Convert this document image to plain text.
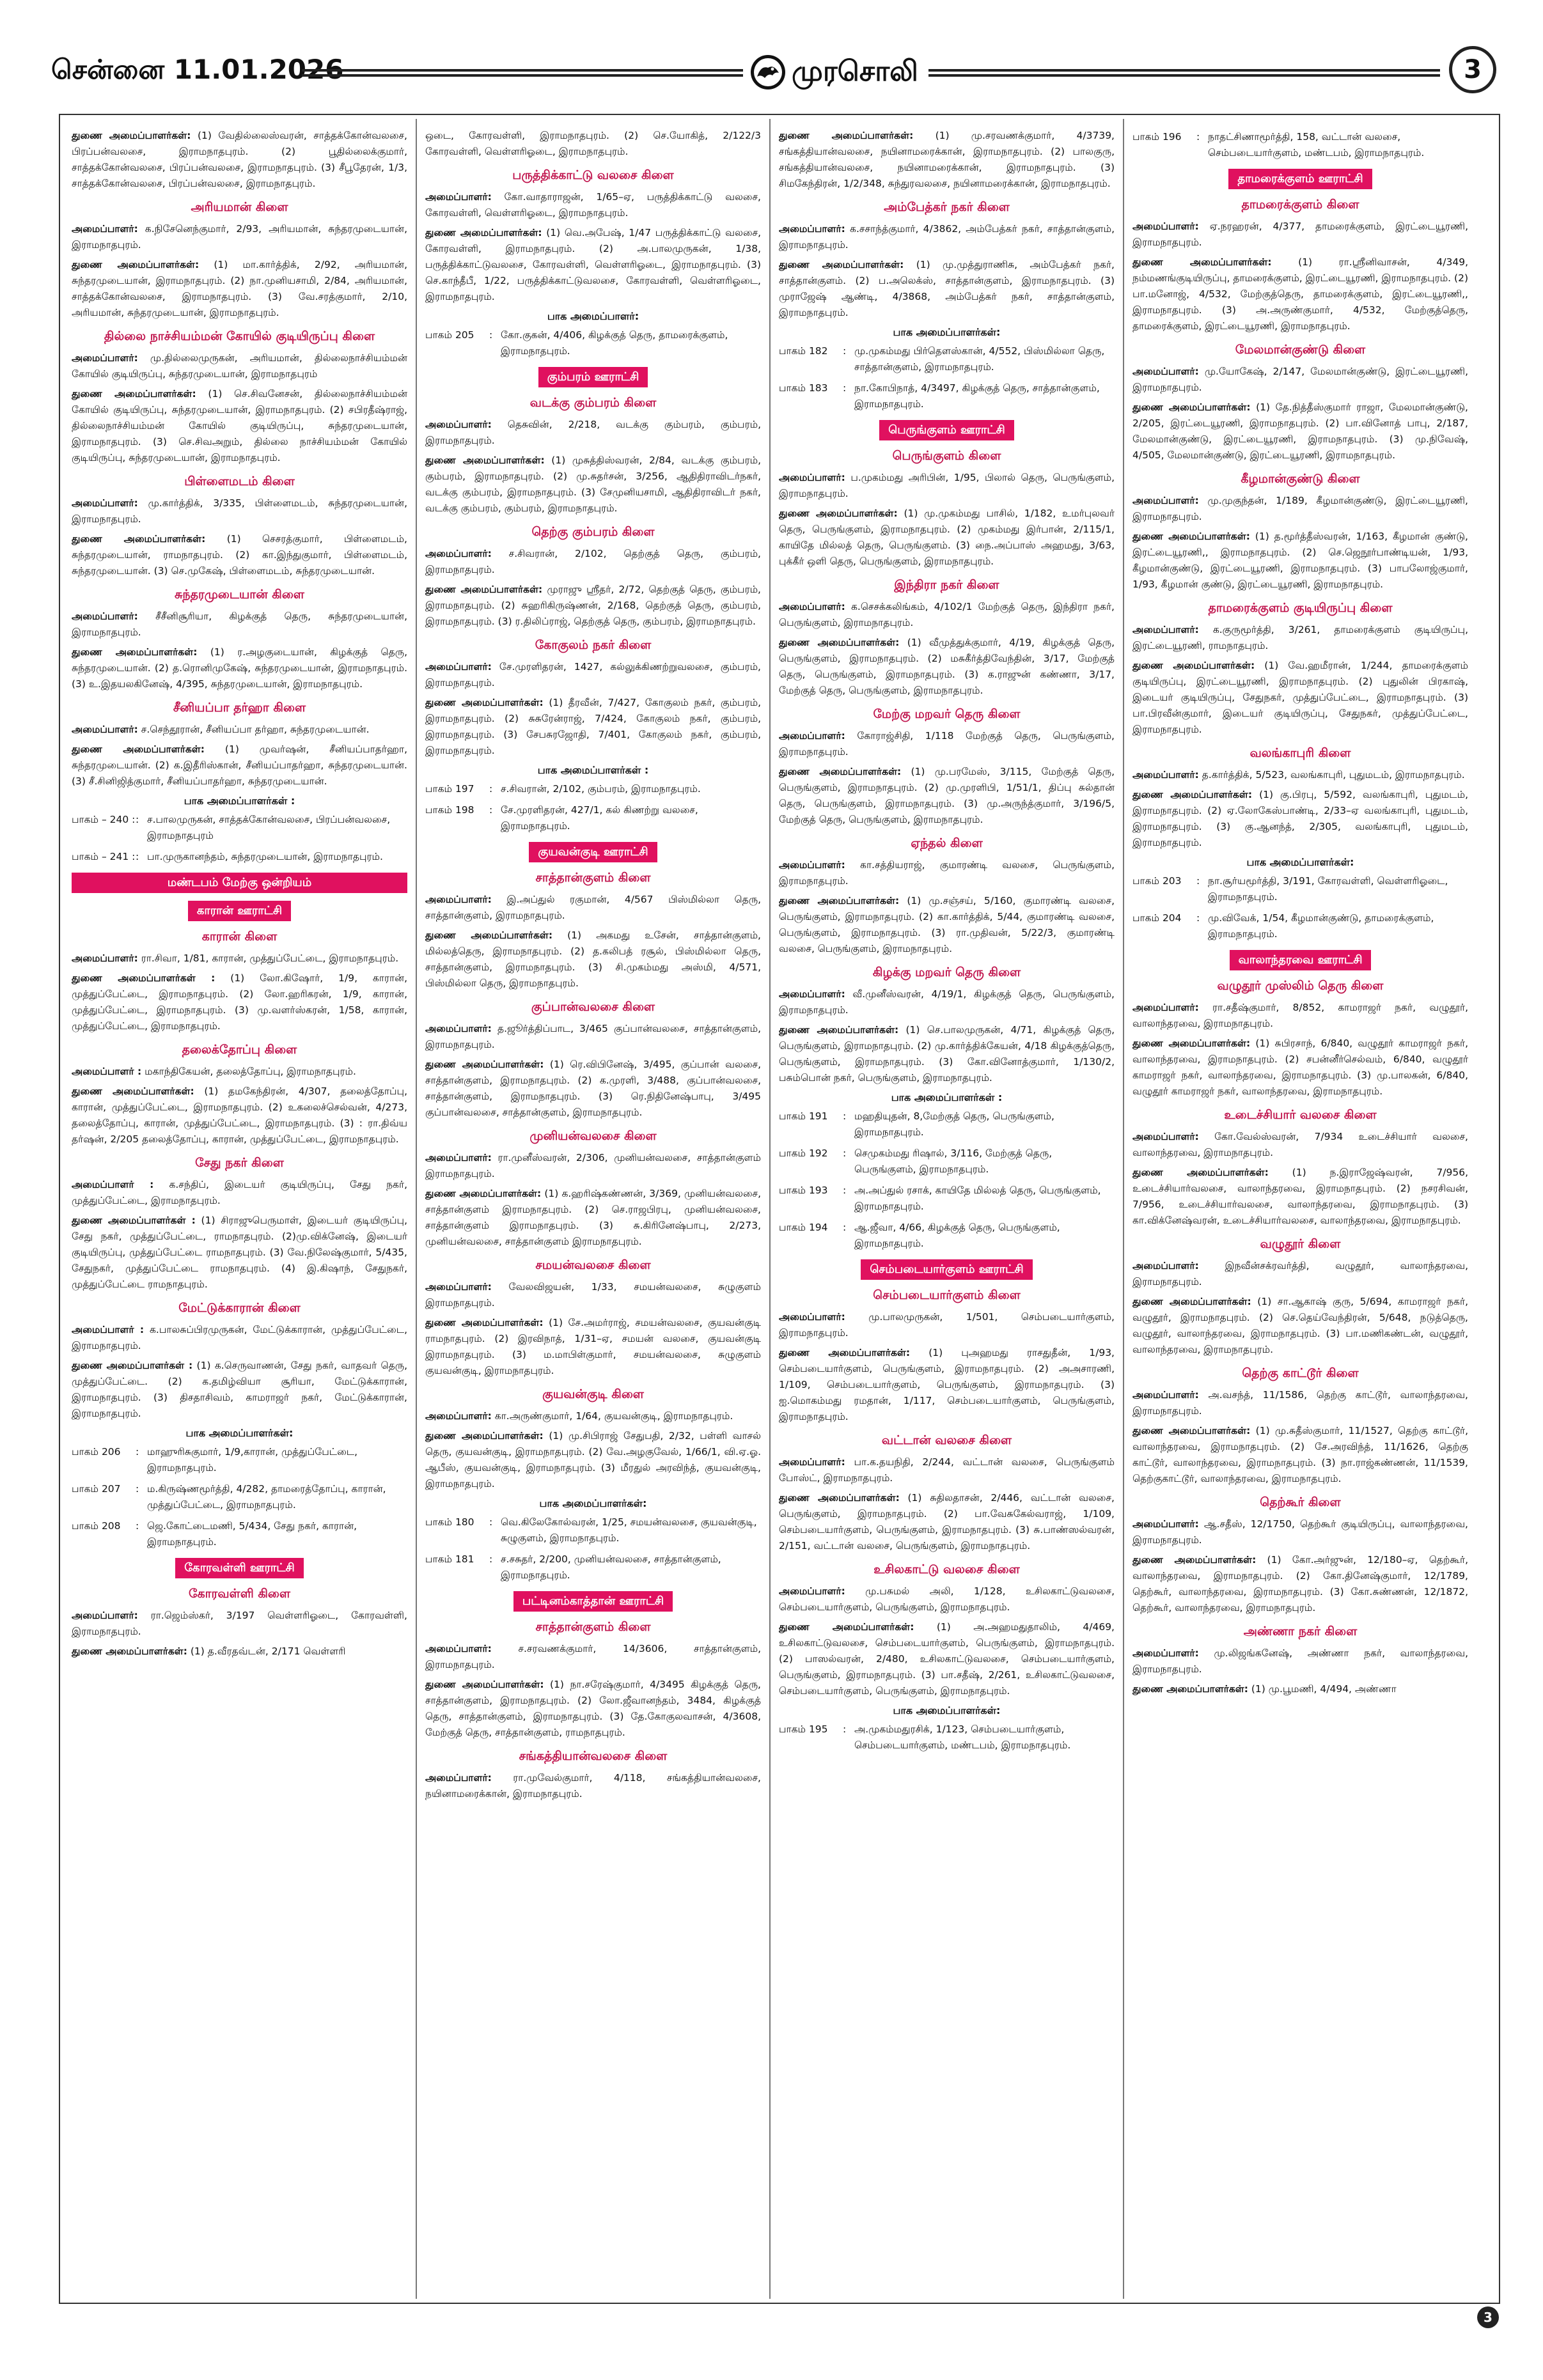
சென்னை 11.01.2026	முரசொலி	3

துணை அமைப்பாளர்கள்: (1) வேதில்லைஸ்வரன், சாத்தக்கோன்வலசை, பிரப்பன்வலசை, இராமநாதபுரம். (2) பூதில்லைக்குமார், சாத்தக்கோன்வலசை, பிரப்பன்வலசை, இராமநாதபுரம். (3) சீபூதேரன், 1/3, சாத்தக்கோன்வலசை, பிரப்பன்வலசை, இராமநாதபுரம்.

அரியமான் கிளை

அமைப்பாளர்: க.நிசேனெந்குமார், 2/93, அரியமான், சுந்தரமுடையான், இராமநாதபுரம்.

துணை அமைப்பாளர்கள்: (1) மா.கார்த்திக், 2/92, அரியமான், சுந்தரமுடையான், இராமநாதபுரம். (2) நா.முனியசாமி, 2/84, அரியமான், சாத்தக்கோன்வலசை, இராமநாதபுரம். (3) வே.சரத்குமார், 2/10, அரியமான், சுந்தரமுடையான், இராமநாதபுரம்.

தில்லை நாச்சியம்மன் கோயில் குடியிருப்பு கிளை

அமைப்பாளர்: மு.தில்லைமுருகன், அரியமான், தில்லைநாச்சியம்மன் கோயில் குடியிருப்பு, சுந்தரமுடையான், இராமநாதபுரம்

துணை அமைப்பாளர்கள்: (1) செ.சிவனேசன், தில்லைநாச்சியம்மன் கோயில் குடியிருப்பு, சுந்தரமுடையான், இராமநாதபுரம். (2) சபிரதீஷ்ராஜ், தில்லைநாச்சியம்மன் கோயில் குடியிருப்பு, சுந்தரமுடையான், இராமநாதபுரம். (3) செ.சிவஅறும், தில்லை நாச்சியம்மன் கோயில் குடியிருப்பு, சுந்தரமுடையான், இராமநாதபுரம்.

பிள்ளைமடம் கிளை

அமைப்பாளர்: மு.கார்த்திக், 3/335, பிள்ளைமடம், சுந்தரமுடையான், இராமநாதபுரம்.

துணை அமைப்பாளர்கள்: (1) செசரத்குமார், பிள்ளைமடம், சுந்தரமுடையான், ராமநாதபுரம். (2) கா.இந்துகுமார், பிள்ளைமடம், சுந்தரமுடையான். (3) செ.முகேஷ், பிள்ளைமடம், சுந்தரமுடையான்.

சுந்தரமுடையான் கிளை

அமைப்பாளர்: சீசீனிசூரியா, கிழக்குத் தெரு, சுந்தரமுடையான், இராமநாதபுரம்.

துணை அமைப்பாளர்கள்: (1) ர.அழகுடையான், கிழக்குத் தெரு, சுந்தரமுடையான். (2) த.ரொனிமுகேஷ், சுந்தரமுடையான், இராமநாதபுரம். (3) உ.இதயலகினேஷ், 4/395, சுந்தரமுடையான், இராமநாதபுரம்.

சீனியப்பா தர்ஹா கிளை

அமைப்பாளர்: ச.செந்தூரான், சீனியப்பா தர்ஹா, சுந்தரமுடையான்.

துணை அமைப்பாளர்கள்: (1) முவர்ஷன், சீனியப்பாதர்ஹா, சுந்தரமுடையான். (2) க.இதீரிஸ்கான், சீனியப்பாதர்ஹா, சுந்தரமுடையான். (3) சீ.சினிஜித்குமார், சீனியப்பாதர்ஹா, சுந்தரமுடையான்.

பாக அமைப்பாளர்கள் :
பாகம் – 240 :	:	ச.பாலமுருகன், சாத்தக்கோன்வலசை, பிரப்பன்வலசை, இராமநாதபுரம்
பாகம் – 241 :	:	பா.முருகானந்தம், சுந்தரமுடையான், இராமநாதபுரம்.
மண்டபம் மேற்கு ஒன்றியம்
காரான் ஊராட்சி
காரான் கிளை

அமைப்பாளர்: ரா.சிவா, 1/81, காரான், முத்துப்பேட்டை, இராமநாதபுரம்.

துணை அமைப்பாளர்கள் : (1) லோ.கிஷோர், 1/9, காரான், முத்துப்பேட்டை, இராமநாதபுரம். (2) லோ.ஹரிகரன், 1/9, காரான், முத்துப்பேட்டை, இராமநாதபுரம். (3) மு.வளர்ஸ்கரன், 1/58, காரான், முத்துப்பேட்டை, இராமநாதபுரம்.

தலைக்தோப்பு கிளை

அமைப்பாளர் : மகாந்திகேயன், தலைத்தோப்பு, இராமநாதபுரம்.

துணை அமைப்பாளர்கள்: (1) தமகேந்திரன், 4/307, தலைத்தோப்பு, காரான், முத்துப்பேட்டை, இராமநாதபுரம். (2) உகலைச்செல்வன், 4/273, தலைத்தோப்பு, காரான், முத்துப்பேட்டை, இராமநாதபுரம். (3) : ரா.திவ்ய தர்ஷன், 2/205 தலைத்தோப்பு, காரான், முத்துப்பேட்டை, இராமநாதபுரம்.

சேது நகர் கிளை

அமைப்பாளர் : க.சந்திப், இடையர் குடியிருப்பு, சேது நகர், முத்துப்பேட்டை, இராமநாதபுரம்.

துணை அமைப்பாளர்கள் : (1) சிராஜுபெருமாள், இடையர் குடியிருப்பு, சேது நகர், முத்துப்பேட்டை, ராமநாதபுரம். (2)மு.விக்னேஷ், இடையர் குடியிருப்பு, முத்துப்பேட்டை ராமநாதபுரம். (3) வே.நிலேஷ்குமார், 5/435, சேதுநகர், முத்துப்பேட்டை ராமநாதபுரம். (4) இ.கிஷாந், சேதுநகர், முத்துப்பேட்டை ராமநாதபுரம்.

மேட்டுக்காரான் கிளை

அமைப்பாளர் : க.பாலசுப்பிரமுருகன், மேட்டுக்காரான், முத்துப்பேட்டை, இராமநாதபுரம்.

துணை அமைப்பாளர்கள் : (1) க.செருவாணன், சேது நகர், வாதவர் தெரு, முத்துப்பேட்டை. (2) க.தமிழ்வியா சூரியா, மேட்டுக்காரான், இராமநாதபுரம். (3) திசதாசிவம், காமராஜர் நகர், மேட்டுக்காரான், இராமநாதபுரம்.

பாக அமைப்பாளர்கள்:
பாகம் 206	:	மாஹுரிசுகுமார், 1/9,காரான், முத்துப்பேட்டை, இராமநாதபுரம்.
பாகம் 207	:	ம.கிருஷ்ணமூர்த்தி, 4/282, தாமரைத்தோப்பு, காரான், முத்துப்பேட்டை, இராமநாதபுரம்.
பாகம் 208	:	ஜெ.கோட்டைமணி, 5/434, சேது நகர், காரான், இராமநாதபுரம்.
கோரவள்ளி ஊராட்சி
கோரவள்ளி கிளை

அமைப்பாளர்: ரா.ஜெம்ஸ்கர், 3/197 வெள்ளரிஓடை, கோரவள்ளி, இராமநாதபுரம்.

துணை அமைப்பாளர்கள்: (1) த.வீரதவ்டன், 2/171 வெள்ளரி

ஒடை, கோரவள்ளி, இராமநாதபுரம். (2) செ.யோகித், 2/122/3 கோரவள்ளி, வெள்ளரிஓடை, இராமநாதபுரம்.

பருத்திக்காட்டு வலசை கிளை

அமைப்பாளர்: கோ.வாதாராஜன், 1/65–ஏ, பருத்திக்காட்டு வலசை, கோரவள்ளி, வெள்ளரிஓடை, இராமநாதபுரம்.

துணை அமைப்பாளர்கள்: (1) வெ.அபேஷ், 1/47 பருத்திக்காட்டு வலசை, கோரவள்ளி, இராமநாதபுரம். (2) அ.பாலமுருகன், 1/38, பருத்திக்காட்டுவலசை, கோரவள்ளி, வெள்ளரிஓடை, இராமநாதபுரம். (3) செ.காந்தீபீ, 1/22, பருத்திக்காட்டுவலசை, கோரவள்ளி, வெள்ளரிஓடை, இராமநாதபுரம்.

பாக அமைப்பாளர்:
பாகம் 205	:	கோ.குகன், 4/406, கிழக்குத் தெரு, தாமரைக்குளம், இராமநாதபுரம்.
கும்பரம் ஊராட்சி
வடக்கு கும்பரம் கிளை

அமைப்பாளர்: தெசுவின், 2/218, வடக்கு கும்பரம், கும்பரம், இராமநாதபுரம்.

துணை அமைப்பாளர்கள்: (1) முசுத்திஸ்வரன், 2/84, வடக்கு கும்பரம், கும்பரம், இராமநாதபுரம். (2) மு.சுதர்சன், 3/256, ஆதிதிராவிடர்நகர், வடக்கு கும்பரம், இராமநாதபுரம். (3) சேமுனியசாமி, ஆதிதிராவிடர் நகர், வடக்கு கும்பரம், கும்பரம், இராமநாதபுரம்.

தெற்கு கும்பரம் கிளை

அமைப்பாளர்: ச.சிவரான், 2/102, தெற்குத் தெரு, கும்பரம், இராமநாதபுரம்.

துணை அமைப்பாளர்கள்: முராஜு ஸ்ரீதர், 2/72, தெற்குத் தெரு, கும்பரம், இராமநாதபுரம். (2) சுஹரிகிருஷ்ணன், 2/168, தெற்குத் தெரு, கும்பரம், இராமநாதபுரம். (3) ர.திலிப்ராஜ், தெற்குத் தெரு, கும்பரம், இராமநாதபுரம்.

கோகுலம் நகர் கிளை

அமைப்பாளர்: சே.முரளிதரன், 1427, கல்லுக்கிணற்றுவலசை, கும்பரம், இராமநாதபுரம்.

துணை அமைப்பாளர்கள்: (1) தீரவீன், 7/427, கோகுலம் நகர், கும்பரம், இராமநாதபுரம். (2) சுசுரேன்ராஜ், 7/424, கோகுலம் நகர், கும்பரம், இராமநாதபுரம். (3) சேபசுரஜோதி, 7/401, கோகுலம் நகர், கும்பரம், இராமநாதபுரம்.

பாக அமைப்பாளர்கள் :
பாகம் 197	:	ச.சிவரான், 2/102, கும்பரம், இராமநாதபுரம்.
பாகம் 198	:	சே.முரளிதரன், 427/1, கல் கிணற்று வலசை, இராமநாதபுரம்.
குயவன்குடி ஊராட்சி
சாத்தான்குளம் கிளை

அமைப்பாளர்: இ.அப்துல் ரகுமான், 4/567 பிஸ்மில்லா தெரு, சாத்தான்குளம், இராமநாதபுரம்.

துணை அமைப்பாளர்கள்: (1) அகமது உசேன், சாத்தான்குளம், மில்லத்தெரு, இராமநாதபுரம். (2) த.கலிபத் ரசூல், பிஸ்மில்லா தெரு, சாத்தான்குளம், இராமநாதபுரம். (3) சி.முகம்மது அஸ்மி, 4/571, பிஸ்மில்லா தெரு, இராமநாதபுரம்.

குப்பான்வலசை கிளை

அமைப்பாளர்: த.ஜூர்த்திப்பாட, 3/465 குப்பான்வலசை, சாத்தான்குளம், இராமநாதபுரம்.

துணை அமைப்பாளர்கள்: (1) ரெ.விபினேஷ், 3/495, குப்பான் வலசை, சாத்தான்குளம், இராமநாதபுரம். (2) க.முரளி, 3/488, குப்பான்வலசை, சாத்தான்குளம், இராமநாதபுரம். (3) ரெ.நிதினேஷ்பாபு, 3/495 குப்பான்வலசை, சாத்தான்குளம், இராமநாதபுரம்.

முனியன்வலசை கிளை

அமைப்பாளர்: ரா.முனீஸ்வரன், 2/306, முனியன்வலசை, சாத்தான்குளம் இராமநாதபுரம்.

துணை அமைப்பாளர்கள்: (1) க.ஹரிஷ்கண்ணன், 3/369, முனியன்வலசை, சாத்தான்குளம் இராமநாதபுரம். (2) செ.ராஜபிரபு, முனியன்வலசை, சாத்தான்குளம் இராமநாதபுரம். (3) சு.கிரினேஷ்பாபு, 2/273, முனியன்வலசை, சாத்தான்குளம் இராமநாதபுரம்.

சமயன்வலசை கிளை

அமைப்பாளர்: வேலவிஜயன், 1/33, சமயன்வலசை, சுழுகுளம் இராமநாதபுரம்.

துணை அமைப்பாளர்கள்: (1) சே.அமர்ராஜ், சமயன்வலசை, குயவன்குடி ராமநாதபுரம். (2) இரவிநாத், 1/31–ஏ, சமயன் வலசை, குயவன்குடி இராமநாதபுரம். (3) ம.மாபிள்குமார், சமயன்வலசை, சுழுகுளம் குயவன்குடி, இராமநாதபுரம்.

குயவன்குடி கிளை

அமைப்பாளர்: கா.அருண்குமார், 1/64, குயவன்குடி, இராமநாதபுரம்.

துணை அமைப்பாளர்கள்: (1) மு.சிபிராஜ் சேதுபதி, 2/32, பள்ளி வாசல் தெரு, குயவன்குடி, இராமநாதபுரம். (2) வே.அழகுவேல், 1/66/1, வி.ஏ.ஓ. ஆபீஸ், குயவன்குடி, இராமநாதபுரம். (3) மீரதுல் அரவிந்த், குயவன்குடி, இராமநாதபுரம்.

பாக அமைப்பாளர்கள்:
பாகம் 180	:	வெ.கிலேகோல்வரன், 1/25, சமயன்வலசை, குயவன்குடி, சுழுகுளம், இராமநாதபுரம்.
பாகம் 181	:	ச.சசுதர், 2/200, முனியன்வலசை, சாத்தான்குளம், இராமநாதபுரம்.
பட்டினம்காத்தான் ஊராட்சி
சாத்தான்குளம் கிளை

அமைப்பாளர்: ச.சரவணக்குமார், 14/3606, சாத்தான்குளம், இராமநாதபுரம்.

துணை அமைப்பாளர்கள்: (1) நா.சரேஷ்குமார், 4/3495 கிழக்குத் தெரு, சாத்தான்குளம், இராமநாதபுரம். (2) லோ.ஜீவானந்தம், 3484, கிழக்குத் தெரு, சாத்தான்குளம், இராமநாதபுரம். (3) தே.கோகுலவாசன், 4/3608, மேற்குத் தெரு, சாத்தான்குளம், ராமநாதபுரம்.

சங்கத்தியான்வலசை கிளை

அமைப்பாளர்: ரா.முவேல்குமார், 4/118, சங்கத்தியான்வலசை, நயினாமரைக்கான், இராமநாதபுரம்.

துணை அமைப்பாளர்கள்: (1) மு.சரவணக்குமார், 4/3739, சங்கத்தியான்வலசை, நயினாமரைக்கான், இராமநாதபுரம். (2) பாலகுரு, சங்கத்தியான்வலசை, நயினாமரைக்கான், இராமநாதபுரம். (3) சிமகேந்திரன், 1/2/348, சுந்துரவலசை, நயினாமரைக்கான், இராமநாதபுரம்.

அம்பேத்கர் நகர் கிளை

அமைப்பாளர்: க.சசாந்த்குமார், 4/3862, அம்பேத்கர் நகர், சாத்தான்குளம், இராமநாதபுரம்.

துணை அமைப்பாளர்கள்: (1) மு.முத்துராணிசு, அம்பேத்கர் நகர், சாத்தான்குளம். (2) ப.அலெக்ஸ், சாத்தான்குளம், இராமநாதபுரம். (3) முராஜேஷ் ஆண்டி, 4/3868, அம்பேத்கர் நகர், சாத்தான்குளம், இராமநாதபுரம்.

பாக அமைப்பாளர்கள்:
பாகம் 182	:	மு.முகம்மது பிர்தௌஸ்கான், 4/552, பிஸ்மில்லா தெரு, சாத்தான்குளம், இராமநாதபுரம்.
பாகம் 183	:	நா.கோபிநாத், 4/3497, கிழக்குத் தெரு, சாத்தான்குளம், இராமநாதபுரம்.
பெருங்குளம் ஊராட்சி
பெருங்குளம் கிளை

அமைப்பாளர்: ப.முகம்மது அரிபின், 1/95, பிலால் தெரு, பெருங்குளம், இராமநாதபுரம்.

துணை அமைப்பாளர்கள்: (1) மு.முகம்மது பாசில், 1/182, உமர்புலவர் தெரு, பெருங்குளம், இராமநாதபுரம். (2) முகம்மது இர்பான், 2/115/1, காயிதே மில்லத் தெரு, பெருங்குளம். (3) நை.அப்பாஸ் அஹமது, 3/63, புக்கீர் ஒளி தெரு, பெருங்குளம், இராமநாதபுரம்.

இந்திரா நகர் கிளை

அமைப்பாளர்: க.செசக்கலிங்கம், 4/102/1 மேற்குத் தெரு, இந்திரா நகர், பெருங்குளம், இராமநாதபுரம்.

துணை அமைப்பாளர்கள்: (1) வீமுத்துக்குமார், 4/19, கிழக்குத் தெரு, பெருங்குளம், இராமநாதபுரம். (2) மசுகீர்த்திவேந்தின், 3/17, மேற்குத் தெரு, பெருங்குளம், இராமநாதபுரம். (3) க.ராஜுன் கண்ணா, 3/17, மேற்குத் தெரு, பெருங்குளம், இராமநாதபுரம்.

மேற்கு மறவர் தெரு கிளை

அமைப்பாளர்: கோராஜ்சிதி, 1/118 மேற்குத் தெரு, பெருங்குளம், இராமநாதபுரம்.

துணை அமைப்பாளர்கள்: (1) மு.பரமேஸ், 3/115, மேற்குத் தெரு, பெருங்குளம், இராமநாதபுரம். (2) மு.முரளிபி, 1/51/1, திப்பு சுல்தான் தெரு, பெருங்குளம், இராமநாதபுரம். (3) மு.அருந்த்குமார், 3/196/5, மேற்குத் தெரு, பெருங்குளம், இராமநாதபுரம்.

ஏந்தல் கிளை

அமைப்பாளர்: கா.சத்தியராஜ், குமாரண்டி வலசை, பெருங்குளம், இராமநாதபுரம்.

துணை அமைப்பாளர்கள்: (1) மு.சஞ்சய், 5/160, குமாரண்டி வலசை, பெருங்குளம், இராமநாதபுரம். (2) கா.கார்த்திக், 5/44, குமாரண்டி வலசை, பெருங்குளம், இராமநாதபுரம். (3) ரா.முதிவன், 5/22/3, குமாரண்டி வலசை, பெருங்குளம், இராமநாதபுரம்.

கிழக்கு மறவர் தெரு கிளை

அமைப்பாளர்: வீ.முனீஸ்வரன், 4/19/1, கிழக்குத் தெரு, பெருங்குளம், இராமநாதபுரம்.

துணை அமைப்பாளர்கள்: (1) செ.பாலமுருகன், 4/71, கிழக்குத் தெரு, பெருங்குளம், இராமநாதபுரம். (2) மு.கார்த்திக்கேயன், 4/18 கிழக்குத்தெரு, பெருங்குளம், இராமநாதபுரம். (3) கோ.வினோத்குமார், 1/130/2, பசும்பொன் நகர், பெருங்குளம், இராமநாதபுரம்.

பாக அமைப்பாளர்கள் :
பாகம் 191	:	மஹதியுதன், 8,மேற்குத் தெரு, பெருங்குளம், இராமநாதபுரம்.
பாகம் 192	:	செமுகம்மது ரிஷால், 3/116, மேற்குத் தெரு, பெருங்குளம், இராமநாதபுரம்.
பாகம் 193	:	அ.அப்துல் ரசாக், காயிதே மில்லத் தெரு, பெருங்குளம், இராமநாதபுரம்.
பாகம் 194	:	ஆ.ஜீவா, 4/66, கிழக்குத் தெரு, பெருங்குளம், இராமநாதபுரம்.
செம்படையார்குளம் ஊராட்சி
செம்படையார்குளம் கிளை

அமைப்பாளர்: மு.பாலமுருகன், 1/501, செம்படையார்குளம், இராமநாதபுரம்.

துணை அமைப்பாளர்கள்: (1) புஅஹமது ராசதுதீன், 1/93, செம்படையார்குளம், பெருங்குளம், இராமநாதபுரம். (2) அஅசாரணி, 1/109, செம்படையார்குளம், பெருங்குளம், இராமநாதபுரம். (3) ஐ.மொகம்மது ரமதான், 1/117, செம்படையார்குளம், பெருங்குளம், இராமநாதபுரம்.

வட்டான் வலசை கிளை

அமைப்பாளர்: பா.க.தயநிதி, 2/244, வட்டான் வலசை, பெருங்குளம் போஸ்ட், இராமநாதபுரம்.

துணை அமைப்பாளர்கள்: (1) சுதிலதாசன், 2/446, வட்டான் வலசை, பெருங்குளம், இராமநாதபுரம். (2) பா.வேசுகேல்வராஜ், 1/109, செம்படையார்குளம், பெருங்குளம், இராமநாதபுரம். (3) சு.பாண்ஸல்வரன், 2/151, வட்டான் வலசை, பெருங்குளம், இராமநாதபுரம்.

உசிலகாட்டு வலசை கிளை

அமைப்பாளர்: மு.பசுமல் அலி, 1/128, உசிலகாட்டுவலசை, செம்படையார்குளம், பெருங்குளம், இராமநாதபுரம்.

துணை அமைப்பாளர்கள்: (1) அ.அஹமதுதாலிம், 4/469, உசிலகாட்டுவலசை, செம்படையார்குளம், பெருங்குளம், இராமநாதபுரம். (2) பாஸல்வரன், 2/480, உசிலகாட்டுவலசை, செம்படையார்குளம், பெருங்குளம், இராமநாதபுரம். (3) பா.சதீஷ், 2/261, உசிலகாட்டுவலசை, செம்படையார்குளம், பெருங்குளம், இராமநாதபுரம்.

பாக அமைப்பாளர்கள்:
பாகம் 195	:	அ.முகம்மதுரசிக், 1/123, செம்படையார்குளம், செம்படையார்குளம், மண்டபம், இராமநாதபுரம்.
பாகம் 196	:	நாதட்சிணாமூர்த்தி, 158, வட்டான் வலசை, செம்படையார்குளம், மண்டபம், இராமநாதபுரம்.
தாமரைக்குளம் ஊராட்சி
தாமரைக்குளம் கிளை

அமைப்பாளர்: ஏ.நரஹரன், 4/377, தாமரைக்குளம், இரட்டையூரணி, இராமநாதபுரம்.

துணை அமைப்பாளர்கள்: (1) ரா.ஸ்ரீனிவாசன், 4/349, நம்மணங்குடியிருப்பு, தாமரைக்குளம், இரட்டையூரணி, இராமநாதபுரம். (2) பா.மனோஜ், 4/532, மேற்குத்தெரு, தாமரைக்குளம், இரட்டையூரணி,, இராமநாதபுரம். (3) அ.அருண்குமார், 4/532, மேற்குத்தெரு, தாமரைக்குளம், இரட்டையூரணி, இராமநாதபுரம்.

மேலமான்குண்டு கிளை

அமைப்பாளர்: மு.யோகேஷ், 2/147, மேலமான்குண்டு, இரட்டையூரணி, இராமநாதபுரம்.

துணை அமைப்பாளர்கள்: (1) தே.நித்தீஸ்குமார் ராஜா, மேலமான்குண்டு, 2/205, இரட்டையூரணி, இராமநாதபுரம். (2) பா.வினோத் பாபு, 2/187, மேலமான்குண்டு, இரட்டையூரணி, இராமநாதபுரம். (3) மு.நிவேஷ், 4/505, மேலமான்குண்டு, இரட்டையூரணி, இராமநாதபுரம்.

கீழமான்குண்டு கிளை

அமைப்பாளர்: மு.முகுந்தன், 1/189, கீழமான்குண்டு, இரட்டையூரணி, இராமநாதபுரம்.

துணை அமைப்பாளர்கள்: (1) த.மூர்த்தீஸ்வரன், 1/163, கீழமான் குண்டு, இரட்டையூரணி,, இராமநாதபுரம். (2) செ.ஜெநூர்பாண்டியன், 1/93, கீழமான்குண்டு, இரட்டையூரணி, இராமநாதபுரம். (3) பாபலோஜ்குமார், 1/93, கீழமான் குண்டு, இரட்டையூரணி, இராமநாதபுரம்.

தாமரைக்குளம் குடியிருப்பு கிளை

அமைப்பாளர்: க.குருமூர்த்தி, 3/261, தாமரைக்குளம் குடியிருப்பு, இரட்டையூரணி, ராமநாதபுரம்.

துணை அமைப்பாளர்கள்: (1) வே.ஹமீரான், 1/244, தாமரைக்குளம் குடியிருப்பு, இரட்டையூரணி, இராமநாதபுரம். (2) புதுலின் பிரகாஷ், இடையர் குடியிருப்பு, சேதுநகர், முத்துப்பேட்டை, இராமநாதபுரம். (3) பா.பிரவீன்குமார், இடையர் குடியிருப்பு, சேதுநகர், முத்துப்பேட்டை, இராமநாதபுரம்.

வலங்காபுரி கிளை

அமைப்பாளர்: த.கார்த்திக், 5/523, வலங்காபுரி, புதுமடம், இராமநாதபுரம்.

துணை அமைப்பாளர்கள்: (1) கு.பிரபு, 5/592, வலங்காபுரி, புதுமடம், இராமநாதபுரம். (2) ஏ.லோகேஸ்பாண்டி, 2/33–ஏ வலங்காபுரி, புதுமடம், இராமநாதபுரம். (3) கு.ஆனந்த், 2/305, வலங்காபுரி, புதுமடம், இராமநாதபுரம்.

பாக அமைப்பாளர்கள்:
பாகம் 203	:	நா.சூர்யமூர்த்தி, 3/191, கோரவள்ளி, வெள்ளரிஓடை, இராமநாதபுரம்.
பாகம் 204	:	மு.விவேக், 1/54, கீழமான்குண்டு, தாமரைக்குளம், இராமநாதபுரம்.
வாலாந்தரவை ஊராட்சி
வழுதூர் முஸ்லிம் தெரு கிளை

அமைப்பாளர்: ரா.சதீஷ்குமார், 8/852, காமராஜர் நகர், வழுதூர், வாலாந்தரவை, இராமநாதபுரம்.

துணை அமைப்பாளர்கள்: (1) சுபிரசாந், 6/840, வழுதூர் காமராஜர் நகர், வாலாந்தரவை, இராமநாதபுரம். (2) சபன்னீர்செல்வம், 6/840, வழுதூர் காமராஜர் நகர், வாலாந்தரவை, இராமநாதபுரம். (3) மு.பாலகன், 6/840, வழுதூர் காமராஜர் நகர், வாலாந்தரவை, இராமநாதபுரம்.

உடைச்சியார் வலசை கிளை

அமைப்பாளர்: கோ.வேல்ஸ்வரன், 7/934 உடைச்சியார் வலசை, வாலாந்தரவை, இராமநாதபுரம்.

துணை அமைப்பாளர்கள்: (1) ந.இராஜேஷ்வரன், 7/956, உடைச்சியார்வலசை, வாலாந்தரவை, இராமநாதபுரம். (2) நசரசிவன், 7/956, உடைச்சியார்வலசை, வாலாந்தரவை, இராமநாதபுரம். (3) கா.விக்னேஷ்வரன், உடைச்சியார்வலசை, வாலாந்தரவை, இராமநாதபுரம்.

வழுதூர் கிளை

அமைப்பாளர்: இநவீன்சக்ரவர்த்தி, வழுதூர், வாலாந்தரவை, இராமநாதபுரம்.

துணை அமைப்பாளர்கள்: (1) சா.ஆகாஷ் குரு, 5/694, காமராஜர் நகர், வழுதூர், இராமநாதபுரம். (2) செ.தெய்வேந்திரன், 5/648, நடுத்தெரு, வழுதூர், வாலாந்தரவை, இராமநாதபுரம். (3) பா.மணிகண்டன், வழுதூர், வாலாந்தரவை, இராமநாதபுரம்.

தெற்கு காட்டூர் கிளை

அமைப்பாளர்: அ.வசந்த், 11/1586, தெற்கு காட்டூர், வாலாந்தரவை, இராமநாதபுரம்.

துணை அமைப்பாளர்கள்: (1) மு.சுதீஸ்குமார், 11/1527, தெற்கு காட்டூர், வாலாந்தரவை, இராமநாதபுரம். (2) சே.அரவிந்த், 11/1626, தெற்கு காட்டூர், வாலாந்தரவை, இராமநாதபுரம். (3) நா.ராஜ்கண்ணன், 11/1539, தெற்குகாட்டூர், வாலாந்தரவை, இராமநாதபுரம்.

தெற்கூர் கிளை

அமைப்பாளர்: ஆ.சதீஸ், 12/1750, தெற்கூர் குடியிருப்பு, வாலாந்தரவை, இராமநாதபுரம்.

துணை அமைப்பாளர்கள்: (1) கோ.அர்ஜுன், 12/180–ஏ, தெற்கூர், வாலாந்தரவை, இராமநாதபுரம். (2) கோ.தினேஷ்குமார், 12/1789, தெற்கூர், வாலாந்தரவை, இராமநாதபுரம். (3) கோ.சுண்ணன், 12/1872, தெற்கூர், வாலாந்தரவை, இராமநாதபுரம்.

அண்ணா நகர் கிளை

அமைப்பாளர்: மு.லிஜங்கனேஷ், அண்ணா நகர், வாலாந்தரவை, இராமநாதபுரம்.

துணை அமைப்பாளர்கள்: (1) மு.பூமணி, 4/494, அண்ணா

3
